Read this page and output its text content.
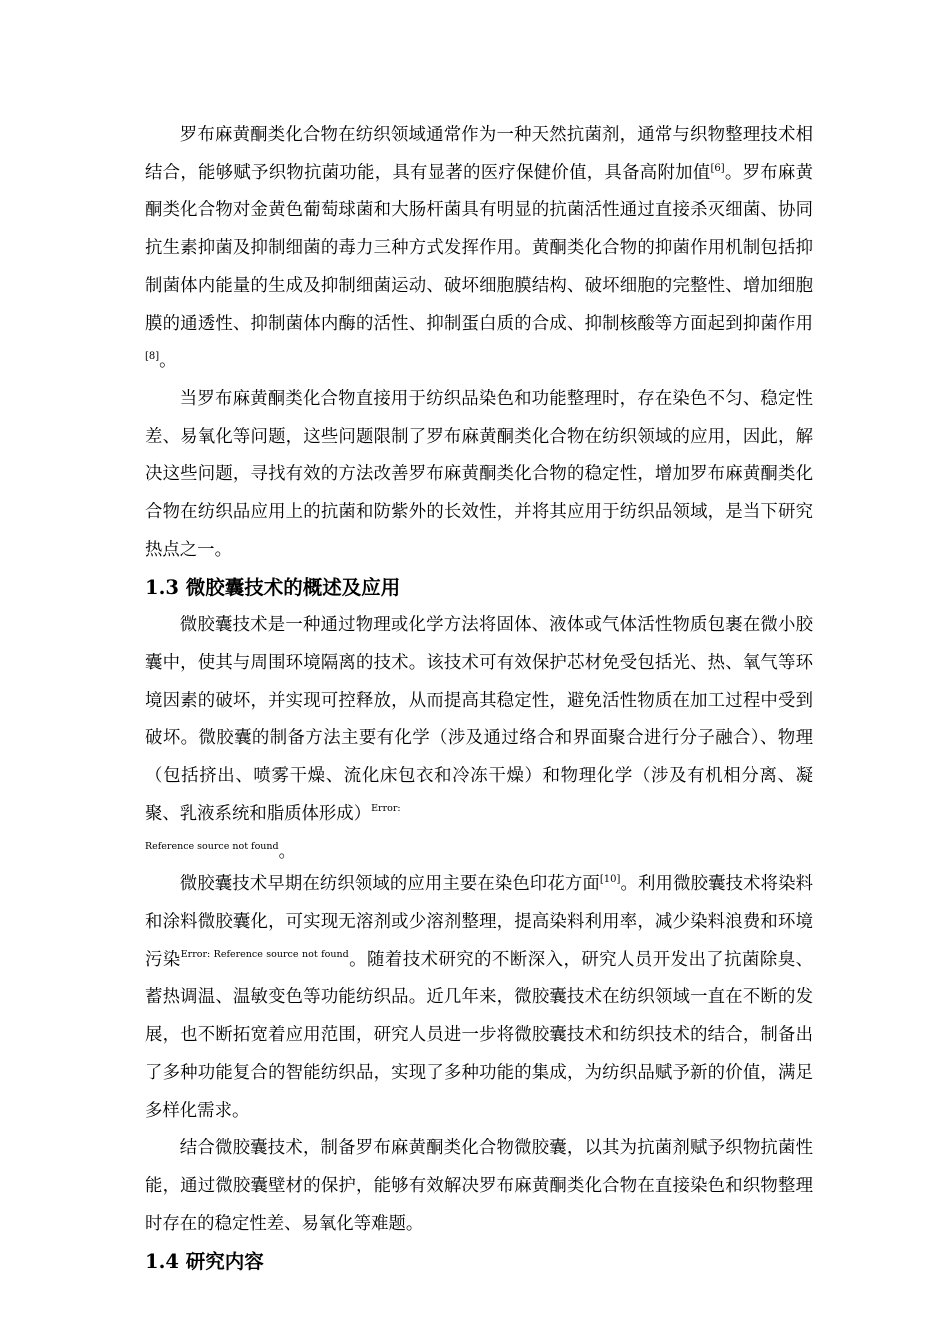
罗布麻黄酮类化合物在纺织领域通常作为一种天然抗菌剂，通常与织物整理技术相结合，能够赋予织物抗菌功能，具有显著的医疗保健价值，具备高附加值[6]。罗布麻黄酮类化合物对金黄色葡萄球菌和大肠杆菌具有明显的抗菌活性通过直接杀灭细菌、协同抗生素抑菌及抑制细菌的毒力三种方式发挥作用。黄酮类化合物的抑菌作用机制包括抑制菌体内能量的生成及抑制细菌运动、破坏细胞膜结构、破坏细胞的完整性、增加细胞膜的通透性、抑制菌体内酶的活性、抑制蛋白质的合成、抑制核酸等方面起到抑菌作用[8]。

当罗布麻黄酮类化合物直接用于纺织品染色和功能整理时，存在染色不匀、稳定性差、易氧化等问题，这些问题限制了罗布麻黄酮类化合物在纺织领域的应用，因此，解决这些问题，寻找有效的方法改善罗布麻黄酮类化合物的稳定性，增加罗布麻黄酮类化合物在纺织品应用上的抗菌和防紫外的长效性，并将其应用于纺织品领域，是当下研究热点之一。

1.3 微胶囊技术的概述及应用

微胶囊技术是一种通过物理或化学方法将固体、液体或气体活性物质包裹在微小胶囊中，使其与周围环境隔离的技术。该技术可有效保护芯材免受包括光、热、氧气等环境因素的破坏，并实现可控释放，从而提高其稳定性，避免活性物质在加工过程中受到破坏。微胶囊的制备方法主要有化学（涉及通过络合和界面聚合进行分子融合）、物理（包括挤出、喷雾干燥、流化床包衣和冷冻干燥）和物理化学（涉及有机相分离、凝聚、乳液系统和脂质体形成）$^{Error:}$

Reference source not found。

微胶囊技术早期在纺织领域的应用主要在染色印花方面[10]。利用微胶囊技术将染料和涂料微胶囊化，可实现无溶剂或少溶剂整理，提高染料利用率，减少染料浪费和环境污染$^{Error: Reference source not found}$。随着技术研究的不断深入，研究人员开发出了抗菌除臭、蓄热调温、温敏变色等功能纺织品。近几年来，微胶囊技术在纺织领域一直在不断的发展，也不断拓宽着应用范围，研究人员进一步将微胶囊技术和纺织技术的结合，制备出了多种功能复合的智能纺织品，实现了多种功能的集成，为纺织品赋予新的价值，满足多样化需求。

结合微胶囊技术，制备罗布麻黄酮类化合物微胶囊，以其为抗菌剂赋予织物抗菌性能，通过微胶囊壁材的保护，能够有效解决罗布麻黄酮类化合物在直接染色和织物整理时存在的稳定性差、易氧化等难题。

1.4 研究内容
